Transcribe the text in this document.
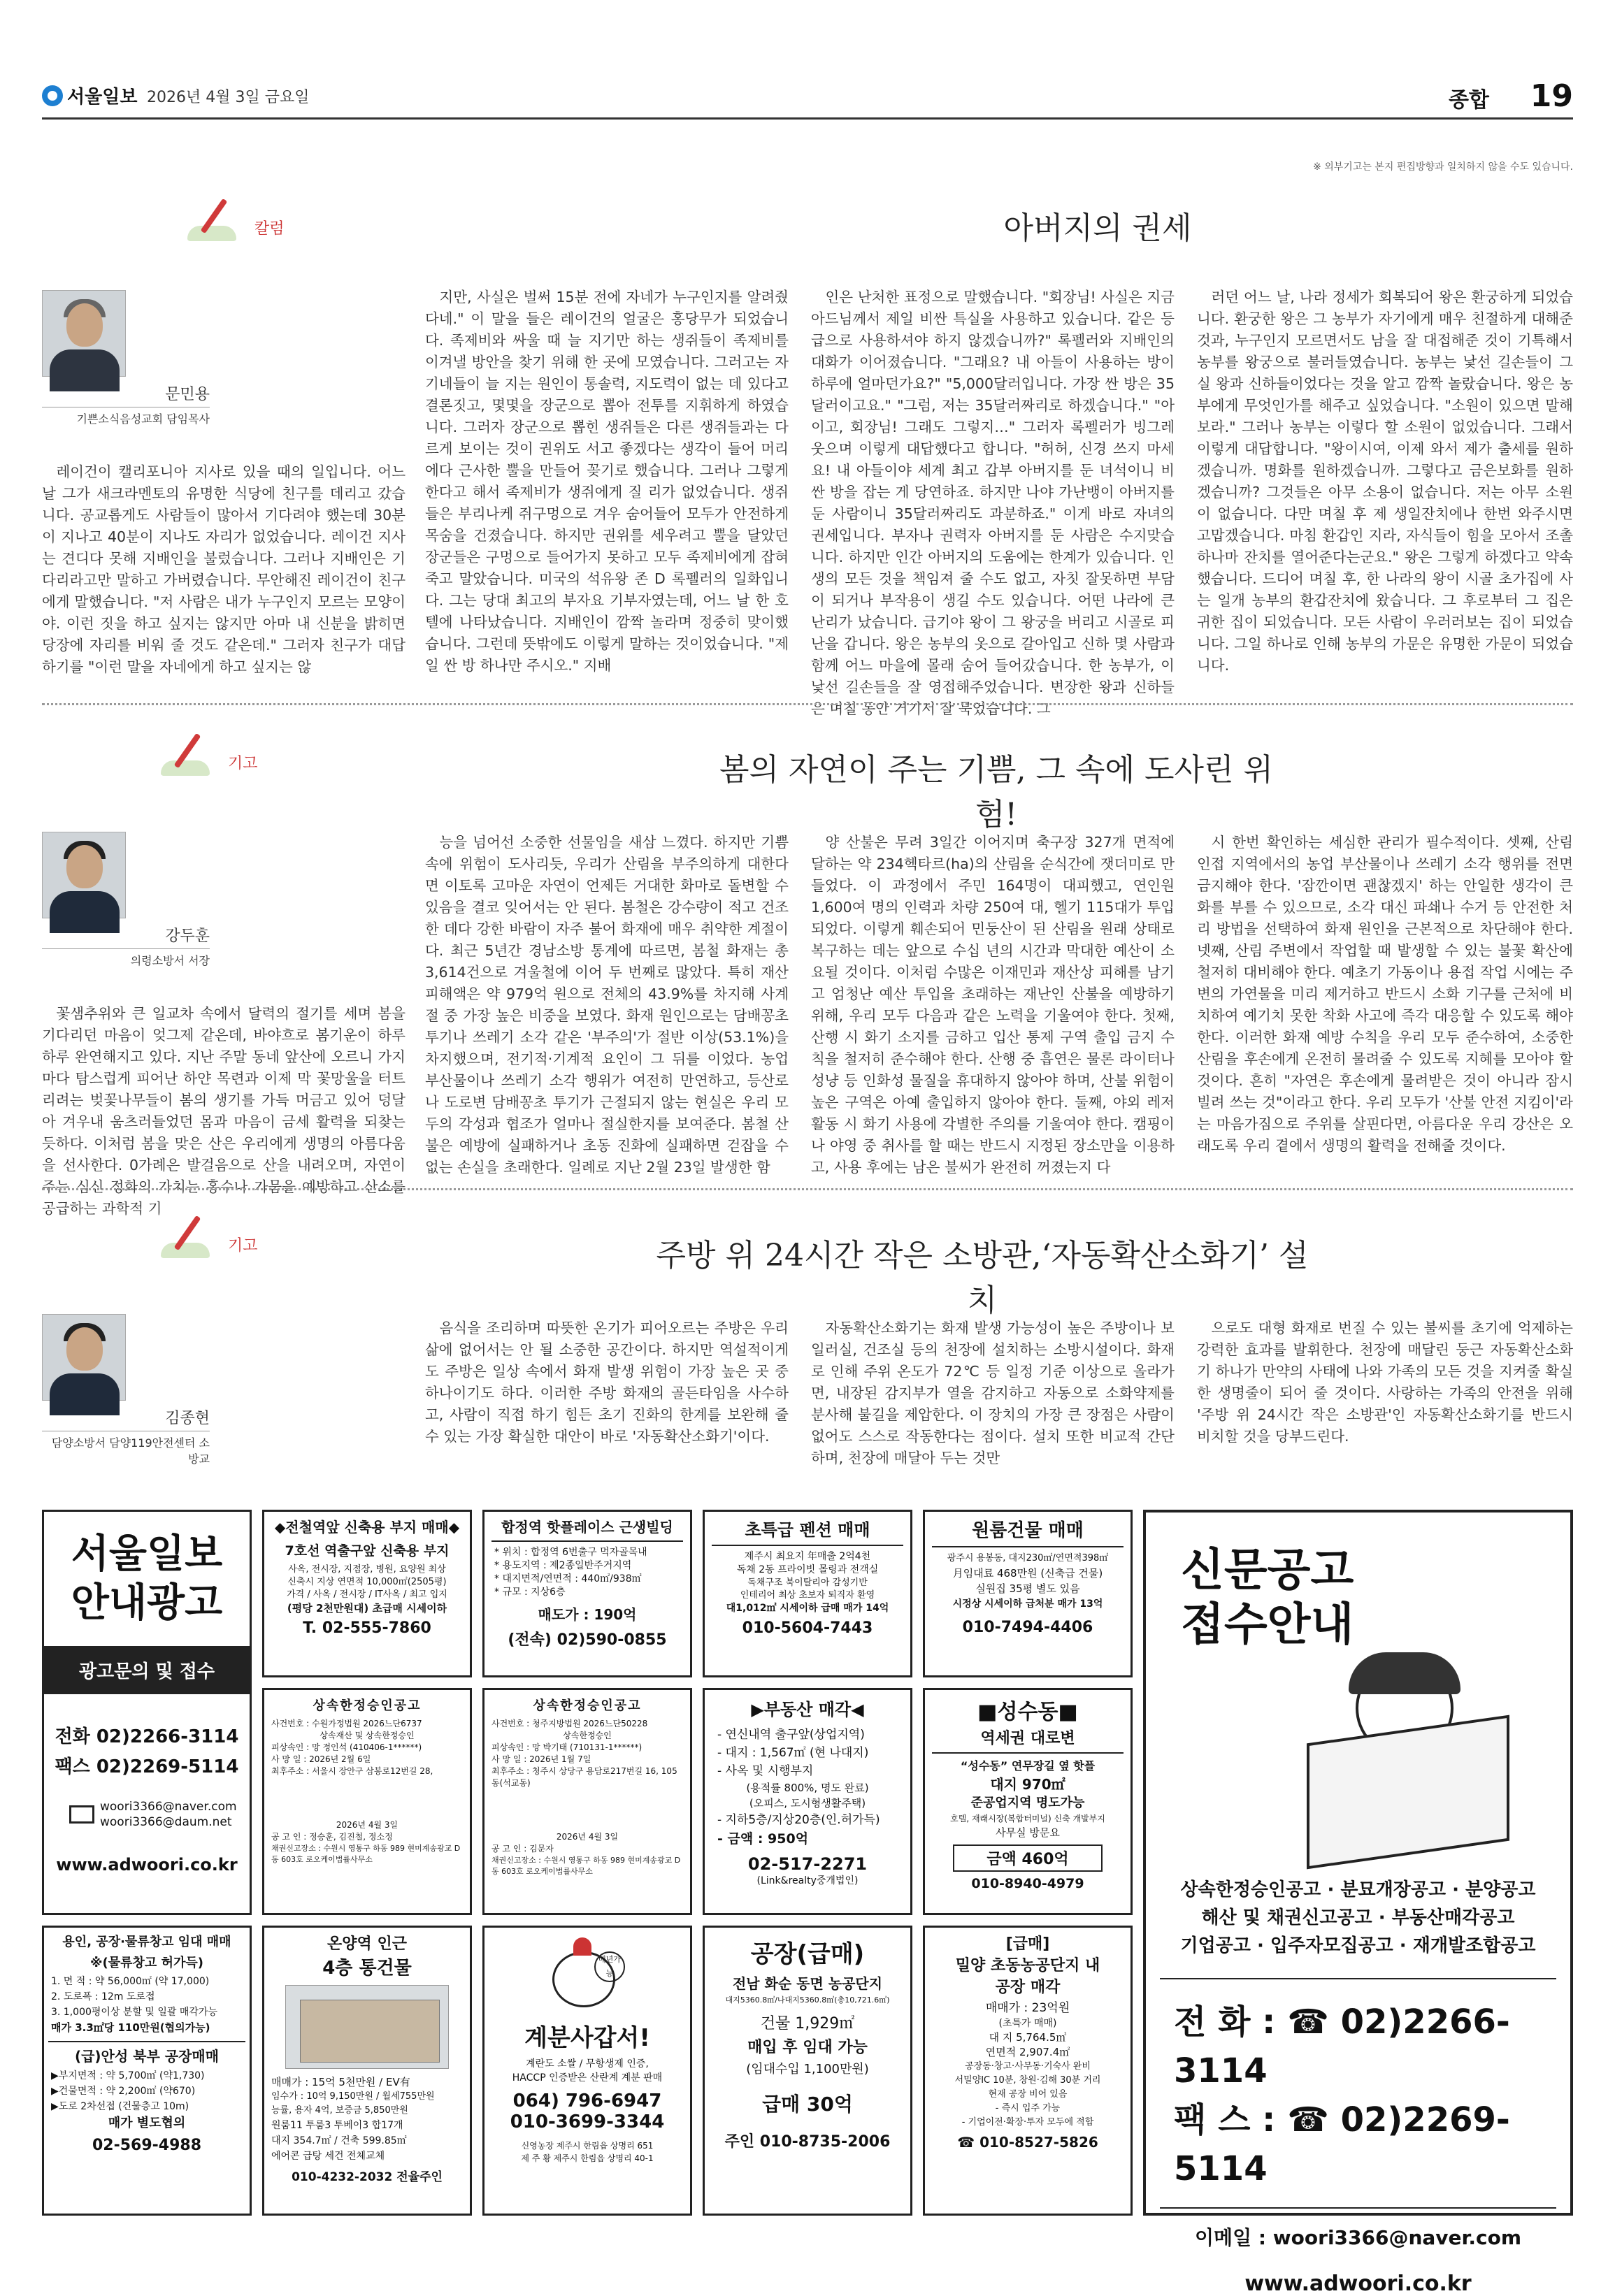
서울일보 2026년 4월 3일 금요일	종합 19
※ 외부기고는 본지 편집방향과 일치하지 않을 수도 있습니다.
칼럼	아버지의 권세
문민용
기쁜소식음성교회 담임목사

레이건이 캘리포니아 지사로 있을 때의 일입니다. 어느 날 그가 새크라멘토의 유명한 식당에 친구를 데리고 갔습니다. 공교롭게도 사람들이 많아서 기다려야 했는데 30분이 지나고 40분이 지나도 자리가 없었습니다. 레이건 지사는 견디다 못해 지배인을 불렀습니다. 그러나 지배인은 기다리라고만 말하고 가버렸습니다. 무안해진 레이건이 친구에게 말했습니다. "저 사람은 내가 누구인지 모르는 모양이야. 이런 짓을 하고 싶지는 않지만 아마 내 신분을 밝히면 당장에 자리를 비워 줄 것도 같은데." 그러자 친구가 대답하기를 "이런 말을 자네에게 하고 싶지는 않

지만, 사실은 벌써 15분 전에 자네가 누구인지를 알려줬다네." 이 말을 들은 레이건의 얼굴은 홍당무가 되었습니다. 족제비와 싸울 때 늘 지기만 하는 생쥐들이 족제비를 이겨낼 방안을 찾기 위해 한 곳에 모였습니다. 그러고는 자기네들이 늘 지는 원인이 통솔력, 지도력이 없는 데 있다고 결론짓고, 몇몇을 장군으로 뽑아 전투를 지휘하게 하였습니다. 그러자 장군으로 뽑힌 생쥐들은 다른 생쥐들과는 다르게 보이는 것이 권위도 서고 좋겠다는 생각이 들어 머리에다 근사한 뿔을 만들어 꽂기로 했습니다. 그러나 그렇게 한다고 해서 족제비가 생쥐에게 질 리가 없었습니다. 생쥐들은 부리나케 쥐구멍으로 겨우 숨어들어 모두가 안전하게 목숨을 건졌습니다. 하지만 권위를 세우려고 뿔을 달았던 장군들은 구멍으로 들어가지 못하고 모두 족제비에게 잡혀 죽고 말았습니다. 미국의 석유왕 존 D 록펠러의 일화입니다. 그는 당대 최고의 부자요 기부자였는데, 어느 날 한 호텔에 나타났습니다. 지배인이 깜짝 놀라며 정중히 맞이했습니다. 그런데 뜻밖에도 이렇게 말하는 것이었습니다. "제일 싼 방 하나만 주시오." 지배

인은 난처한 표정으로 말했습니다. "회장님! 사실은 지금 아드님께서 제일 비싼 특실을 사용하고 있습니다. 같은 등급으로 사용하셔야 하지 않겠습니까?" 록펠러와 지배인의 대화가 이어졌습니다. "그래요? 내 아들이 사용하는 방이 하루에 얼마던가요?" "5,000달러입니다. 가장 싼 방은 35달러이고요." "그럼, 저는 35달러짜리로 하겠습니다." "아이고, 회장님! 그래도 그렇지…" 그러자 록펠러가 빙그레 웃으며 이렇게 대답했다고 합니다. "허허, 신경 쓰지 마세요! 내 아들이야 세계 최고 갑부 아버지를 둔 녀석이니 비싼 방을 잡는 게 당연하죠. 하지만 나야 가난뱅이 아버지를 둔 사람이니 35달러짜리도 과분하죠." 이게 바로 자녀의 권세입니다. 부자나 권력자 아버지를 둔 사람은 수지맞습니다. 하지만 인간 아버지의 도움에는 한계가 있습니다. 인생의 모든 것을 책임져 줄 수도 없고, 자칫 잘못하면 부담이 되거나 부작용이 생길 수도 있습니다. 어떤 나라에 큰 난리가 났습니다. 급기야 왕이 그 왕궁을 버리고 시골로 피난을 갑니다. 왕은 농부의 옷으로 갈아입고 신하 몇 사람과 함께 어느 마을에 몰래 숨어 들어갔습니다. 한 농부가, 이 낯선 길손들을 잘 영접해주었습니다. 변장한 왕과 신하들은 며칠 동안 거기서 잘 묵었습니다. 그

러던 어느 날, 나라 정세가 회복되어 왕은 환궁하게 되었습니다. 환궁한 왕은 그 농부가 자기에게 매우 친절하게 대해준 것과, 누구인지 모르면서도 남을 잘 대접해준 것이 기특해서 농부를 왕궁으로 불러들였습니다. 농부는 낯선 길손들이 그 실 왕과 신하들이었다는 것을 알고 깜짝 놀랐습니다. 왕은 농부에게 무엇인가를 해주고 싶었습니다. "소원이 있으면 말해보라." 그러나 농부는 이렇다 할 소원이 없었습니다. 그래서 이렇게 대답합니다. "왕이시여, 이제 와서 제가 출세를 원하겠습니까. 명화를 원하겠습니까. 그렇다고 금은보화를 원하겠습니까? 그것들은 아무 소용이 없습니다. 저는 아무 소원이 없습니다. 다만 며칠 후 제 생일잔치에나 한번 와주시면 고맙겠습니다. 마침 환갑인 지라, 자식들이 힘을 모아서 조촐하나마 잔치를 열어준다는군요." 왕은 그렇게 하겠다고 약속했습니다. 드디어 며칠 후, 한 나라의 왕이 시골 초가집에 사는 일개 농부의 환갑잔치에 왔습니다. 그 후로부터 그 집은 귀한 집이 되었습니다. 모든 사람이 우러러보는 집이 되었습니다. 그일 하나로 인해 농부의 가문은 유명한 가문이 되었습니다.

기고	봄의 자연이 주는 기쁨, 그 속에 도사린 위험!
강두훈
의령소방서 서장

꽃샘추위와 큰 일교차 속에서 달력의 절기를 세며 봄을 기다리던 마음이 엊그제 같은데, 바야흐로 봄기운이 하루하루 완연해지고 있다. 지난 주말 동네 앞산에 오르니 가지마다 탐스럽게 피어난 하얀 목련과 이제 막 꽃망울을 터트리려는 벚꽃나무들이 봄의 생기를 가득 머금고 있어 덩달아 겨우내 움츠러들었던 몸과 마음이 금세 활력을 되찾는 듯하다. 이처럼 봄을 맞은 산은 우리에게 생명의 아름다움을 선사한다. 0가례은 발걸음으로 산을 내려오며, 자연이 주는 심신 정화의 가치는 홍수나 가뭄을 예방하고 산소를 공급하는 과학적 기

능을 넘어선 소중한 선물임을 새삼 느꼈다. 하지만 기쁨 속에 위험이 도사리듯, 우리가 산림을 부주의하게 대한다면 이토록 고마운 자연이 언제든 거대한 화마로 돌변할 수 있음을 결코 잊어서는 안 된다. 봄철은 강수량이 적고 건조한 데다 강한 바람이 자주 불어 화재에 매우 취약한 계절이다. 최근 5년간 경남소방 통계에 따르면, 봄철 화재는 총 3,614건으로 겨울철에 이어 두 번째로 많았다. 특히 재산 피해액은 약 979억 원으로 전체의 43.9%를 차지해 사계절 중 가장 높은 비중을 보였다. 화재 원인으로는 담배꽁초 투기나 쓰레기 소각 같은 '부주의'가 절반 이상(53.1%)을 차지했으며, 전기적·기계적 요인이 그 뒤를 이었다. 농업 부산물이나 쓰레기 소각 행위가 여전히 만연하고, 등산로나 도로변 담배꽁초 투기가 근절되지 않는 현실은 우리 모두의 각성과 협조가 얼마나 절실한지를 보여준다. 봄철 산불은 예방에 실패하거나 초동 진화에 실패하면 걷잡을 수 없는 손실을 초래한다. 일례로 지난 2월 23일 발생한 함

양 산불은 무려 3일간 이어지며 축구장 327개 면적에 달하는 약 234헥타르(ha)의 산림을 순식간에 잿더미로 만들었다. 이 과정에서 주민 164명이 대피했고, 연인원 1,600여 명의 인력과 차량 250여 대, 헬기 115대가 투입되었다. 이렇게 훼손되어 민둥산이 된 산림을 원래 상태로 복구하는 데는 앞으로 수십 년의 시간과 막대한 예산이 소요될 것이다. 이처럼 수많은 이재민과 재산상 피해를 남기고 엄청난 예산 투입을 초래하는 재난인 산불을 예방하기 위해, 우리 모두 다음과 같은 노력을 기울여야 한다. 첫째, 산행 시 화기 소지를 금하고 입산 통제 구역 출입 금지 수칙을 철저히 준수해야 한다. 산행 중 흡연은 물론 라이터나 성냥 등 인화성 물질을 휴대하지 않아야 하며, 산불 위험이 높은 구역은 아예 출입하지 않아야 한다. 둘째, 야외 레저 활동 시 화기 사용에 각별한 주의를 기울여야 한다. 캠핑이나 야영 중 취사를 할 때는 반드시 지정된 장소만을 이용하고, 사용 후에는 남은 불씨가 완전히 꺼졌는지 다

시 한번 확인하는 세심한 관리가 필수적이다. 셋째, 산림 인접 지역에서의 농업 부산물이나 쓰레기 소각 행위를 전면 금지해야 한다. '잠깐이면 괜찮겠지' 하는 안일한 생각이 큰 화를 부를 수 있으므로, 소각 대신 파쇄나 수거 등 안전한 처리 방법을 선택하여 화재 원인을 근본적으로 차단해야 한다. 넷째, 산림 주변에서 작업할 때 발생할 수 있는 불꽃 확산에 철저히 대비해야 한다. 예초기 가동이나 용접 작업 시에는 주변의 가연물을 미리 제거하고 반드시 소화 기구를 근처에 비치하여 예기치 못한 착화 사고에 즉각 대응할 수 있도록 해야 한다. 이러한 화재 예방 수칙을 우리 모두 준수하여, 소중한 산림을 후손에게 온전히 물려줄 수 있도록 지혜를 모아야 할 것이다. 흔히 "자연은 후손에게 물려받은 것이 아니라 잠시 빌려 쓰는 것"이라고 한다. 우리 모두가 '산불 안전 지킴이'라는 마음가짐으로 주위를 살핀다면, 아름다운 우리 강산은 오래도록 우리 곁에서 생명의 활력을 전해줄 것이다.

기고	주방 위 24시간 작은 소방관,‘자동확산소화기’ 설치
김종현
담양소방서 담양119안전센터 소방교

음식을 조리하며 따뜻한 온기가 피어오르는 주방은 우리 삶에 없어서는 안 될 소중한 공간이다. 하지만 역설적이게도 주방은 일상 속에서 화재 발생 위험이 가장 높은 곳 중 하나이기도 하다. 이러한 주방 화재의 골든타임을 사수하고, 사람이 직접 하기 힘든 초기 진화의 한계를 보완해 줄 수 있는 가장 확실한 대안이 바로 '자동확산소화기'이다.

자동확산소화기는 화재 발생 가능성이 높은 주방이나 보일러실, 건조실 등의 천장에 설치하는 소방시설이다. 화재로 인해 주위 온도가 72℃ 등 일정 기준 이상으로 올라가면, 내장된 감지부가 열을 감지하고 자동으로 소화약제를 분사해 불길을 제압한다. 이 장치의 가장 큰 장점은 사람이 없어도 스스로 작동한다는 점이다. 설치 또한 비교적 간단하며, 천장에 매달아 두는 것만

으로도 대형 화재로 번질 수 있는 불씨를 초기에 억제하는 강력한 효과를 발휘한다. 천장에 매달린 둥근 자동확산소화기 하나가 만약의 사태에 나와 가족의 모든 것을 지켜줄 확실한 생명줄이 되어 줄 것이다. 사랑하는 가족의 안전을 위해 '주방 위 24시간 작은 소방관'인 자동확산소화기를 반드시 비치할 것을 당부드린다.

서울일보
안내광고
광고문의 및 접수
전화 02)2266-3114
팩스 02)2269-5114
woori3366@naver.com
woori3366@daum.net
www.adwoori.co.kr
◆전철역앞 신축용 부지 매매◆
7호선 역출구앞 신축용 부지
사옥, 전시장, 지점장, 병원, 요양원 최상
신축시 지상 연면적 10,000㎡(2505평)
가격 / 사옥 / 전시장 / IT사옥 / 최고 입지
(평당 2천만원대) 초급매 시세이하
T. 02-555-7860
합정역 핫플레이스 근생빌딩
* 위치 : 합정역 6번출구 먹자골목내
* 용도지역 : 제2종일반주거지역
* 대지면적/연면적 : 440㎡/938㎡
* 규모 : 지상6층
매도가 : 190억
(전속) 02)590-0855
초특급 펜션 매매
제주시 최요지 年매출 2억4천
독채 2동 프라이빗 몰링과 전객실
독채구조 북이탈리아 감성기반
인테리어 최상 초보자 퇴직자 환영
대1,012㎡ 시세이하 급매 매가 14억
010-5604-7443
원룸건물 매매
광주시 용봉동, 대지230㎡/연면적398㎡
月임대료 468만원 (신축급 건물)
실원집 35평 별도 있음
시정상 시세이하 급처분 매가 13억
010-7494-4406
상속한정승인공고
사건번호 : 수원가정법원 2026느단6737
상속재산 및 상속한정승인
피상속인 : 망 정인석 (410406-1******)
사 망 일 : 2026년 2월 6일
최후주소 : 서울시 장안구 삼봉로12번길 28,
2026년 4월 3일
공 고 인 : 정승훈, 김진철, 정소정
채권신고장소 : 수원시 영통구 하동 989 현미계송광교 D동 603호 로오케이법률사무소
상속한정승인공고
사건번호 : 청주지방법원 2026느단50228
상속한정승인
피상속인 : 망 박기태 (710131-1******)
사 망 일 : 2026년 1월 7일
최후주소 : 청주시 상당구 용담로217번길 16, 105동(석교동)
2026년 4월 3일
공 고 인 : 김문자
채권신고장소 : 수원시 영통구 하동 989 현미계송광교 D동 603호 로오케이법률사무소
▶부동산 매각◀
- 연신내역 출구앞(상업지역)
- 대지 : 1,567㎡ (현 나대지)
- 사옥 및 시행부지
(용적률 800%, 명도 완료)
(오피스, 도시형생활주택)
- 지하5층/지상20층(인.허가득)
- 금액 : 950억
02-517-2271
(Link&realty중개법인)
■성수동■
역세권 대로변
“성수동” 연무장길 옆 핫플
대지 970㎡
준공업지역 명도가능
호텔, 재래시장(복합터미널) 신축 개발부지
사무실 방문요
금액 460억
010-8940-4979
신문공고
접수안내
상속한정승인공고 · 분묘개장공고 · 분양공고
해산 및 채권신고공고 · 부동산매각공고
기업공고 · 입주자모집공고 · 재개발조합공고
전 화 : ☎ 02)2266-3114
팩 스 : ☎ 02)2269-5114
이메일 : woori3366@naver.com
www.adwoori.co.kr
용인, 공장·물류창고 임대 매매
※(물류창고 허가득)
1. 면 적 : 약 56,000㎡ (약 17,000)
2. 도로폭 : 12m 도로접
3. 1,000평이상 분할 및 일괄 매각가능
매가 3.3㎡당 110만원(협의가능)
(급)안성 북부 공장매매
▶부지면적 : 약 5,700㎡ (약1,730)
▶건물면적 : 약 2,200㎡ (약670)
▶도로 2차선접 (건물층고 10m)
매가 별도협의
02-569-4988
온양역 인근
4층 통건물
매매가 : 15억 5천만원 / EV有
임수가 : 10억 9,150만원 / 월세755만원
능률, 용자 4억, 보증금 5,850만원
원룸11 투룸3 투베이3 합17개
대지 354.7㎡ / 건축 599.85㎡
에어콘 급탕 세건 전체교체
010-4232-2032 전율주인
매년가능
계분사갑서!
계란도 소쌀 / 무항생제 인증,
HACCP 인증받은 산란계 계분 판매
064) 796-6947
010-3699-3344
신영농장 제주시 한림읍 상명리 651
제 주 황 제주시 한림읍 상명리 40-1
공장(급매)
전남 화순 동면 농공단지
대지5360.8㎡/나대지5360.8㎡(총10,721.6㎡)
건물 1,929㎡
매입 후 임대 가능
(임대수입 1,100만원)
급매 30억
주인 010-8735-2006
[급매]
밀양 초동농공단지 내
공장 매각
매매가 : 23억원
(초특가 매매)
대 지 5,764.5㎡
연면적 2,907.4㎡
공장동·창고·사무동·기숙사 완비
서밀양IC 10분, 창원·김해 30분 거리
현재 공장 비어 있음
- 즉시 입주 가능
- 기업이전·확장·투자 모두에 적합
☎ 010-8527-5826
